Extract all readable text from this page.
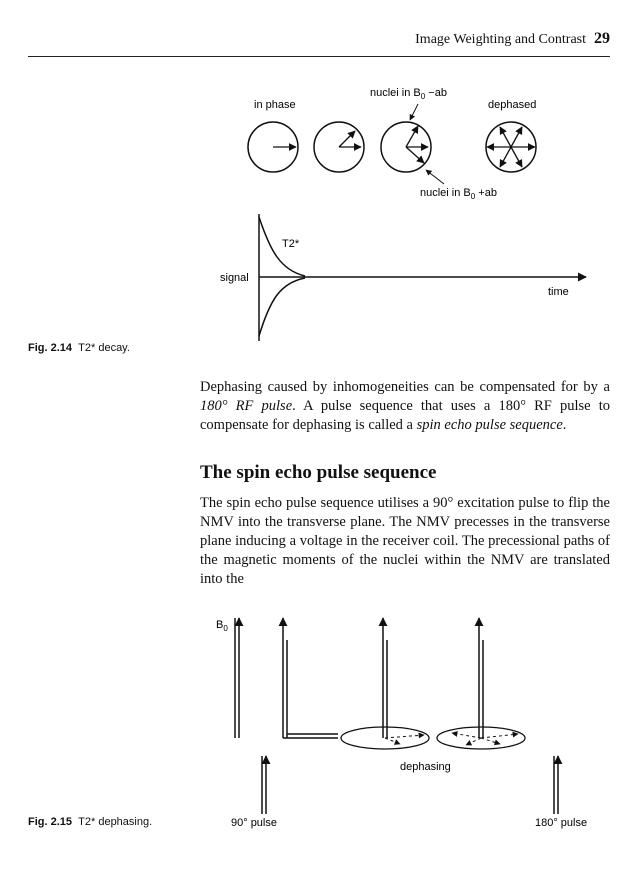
Image Weighting and Contrast 29
nuclei in $B_0 -ab$
in phase	dephased
nuclei in $B_0 +ab$
T2*
signal
time
Fig. 2.14 T2* decay.
Dephasing caused by inhomogeneities can be compensated for by a 180° RF pulse. A pulse sequence that uses a 180° RF pulse to compensate for dephasing is called a spin echo pulse sequence.
The spin echo pulse sequence
The spin echo pulse sequence utilises a 90° excitation pulse to flip the NMV into the transverse plane. The NMV precesses in the transverse plane inducing a voltage in the receiver coil. The precessional paths of the magnetic moments of the nuclei within the NMV are translated into the
$B_0$
dephasing
90° pulse	180° pulse
Fig. 2.15 T2* dephasing.
